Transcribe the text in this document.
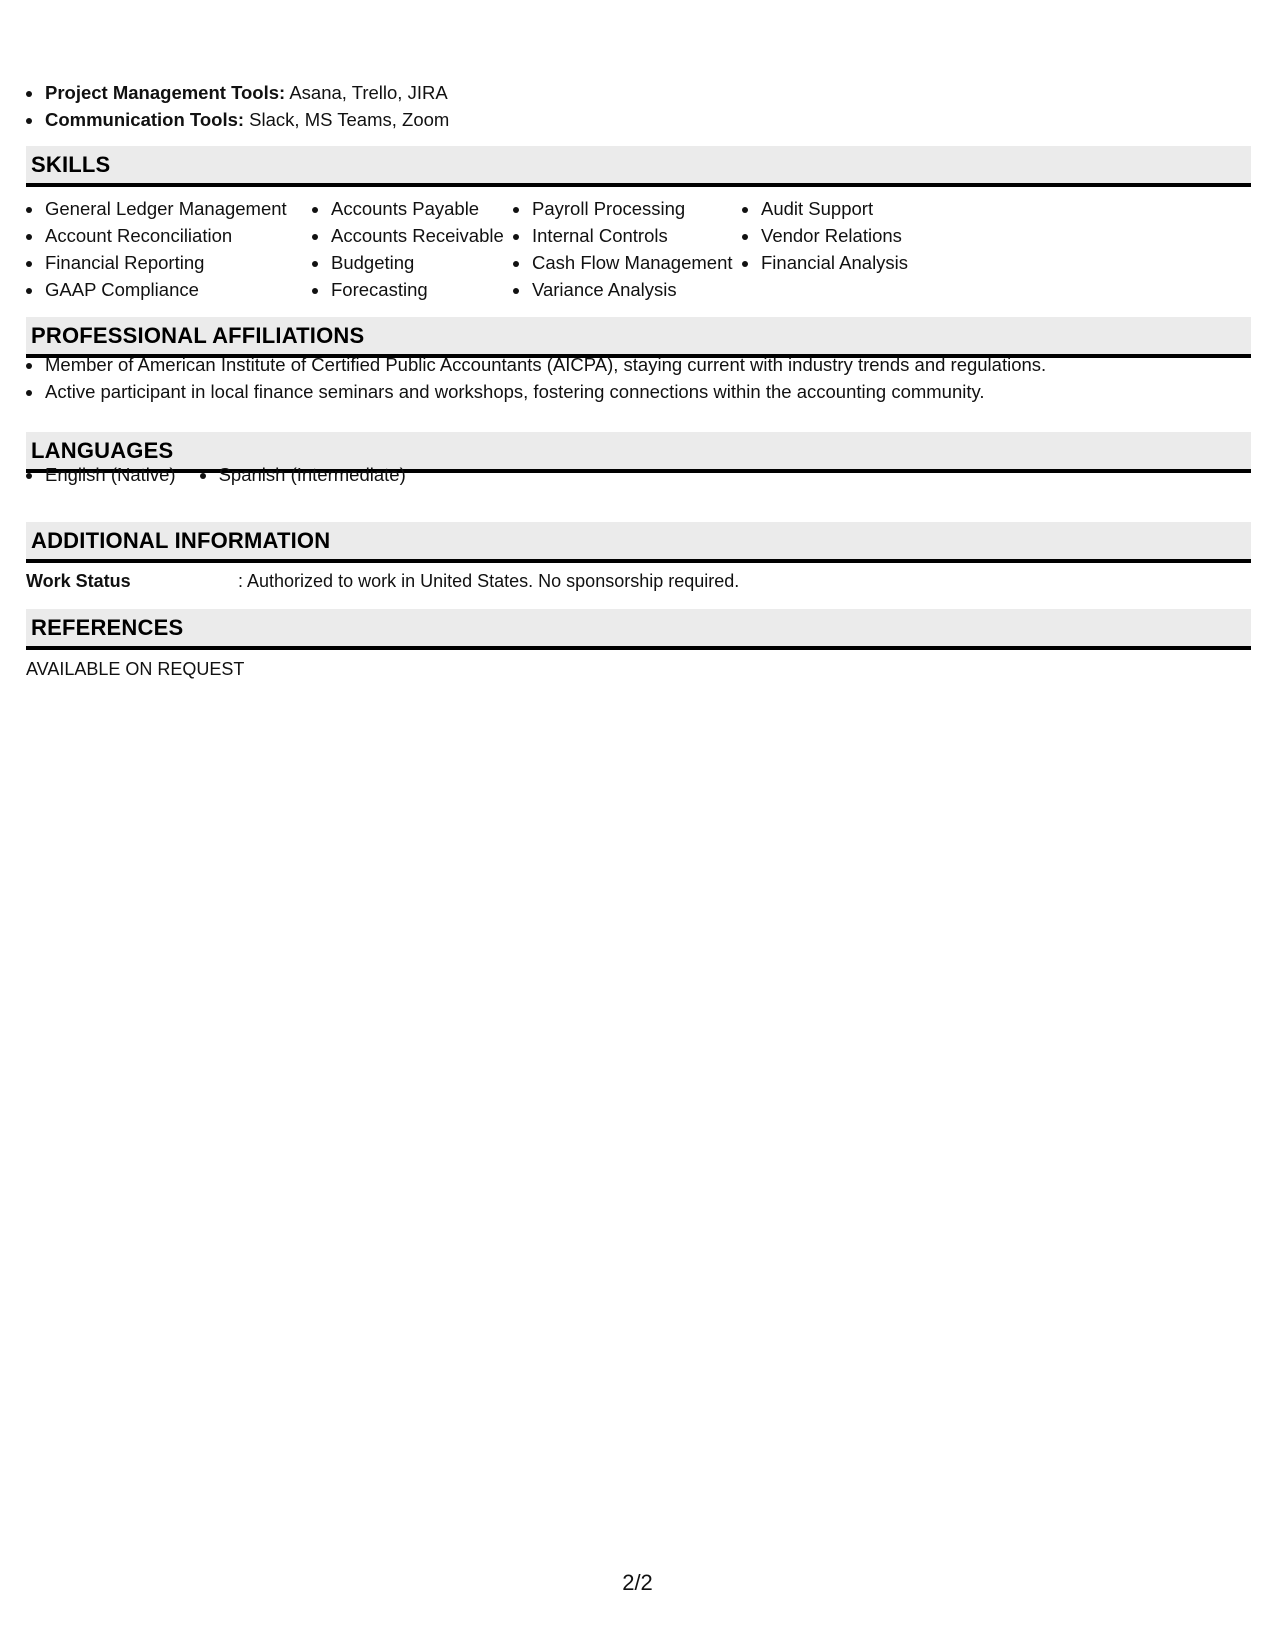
• Project Management Tools: Asana, Trello, JIRA
• Communication Tools: Slack, MS Teams, Zoom
SKILLS
• General Ledger Management
• Account Reconciliation
• Financial Reporting
• GAAP Compliance
• Accounts Payable
• Accounts Receivable
• Budgeting
• Forecasting
• Payroll Processing
• Internal Controls
• Cash Flow Management
• Variance Analysis
• Audit Support
• Vendor Relations
• Financial Analysis
PROFESSIONAL AFFILIATIONS
• Member of American Institute of Certified Public Accountants (AICPA), staying current with industry trends and regulations.
• Active participant in local finance seminars and workshops, fostering connections within the accounting community.
LANGUAGES
• English (Native)
• Spanish (Intermediate)
ADDITIONAL INFORMATION
Work Status	: Authorized to work in United States. No sponsorship required.
REFERENCES
AVAILABLE ON REQUEST
2/2
